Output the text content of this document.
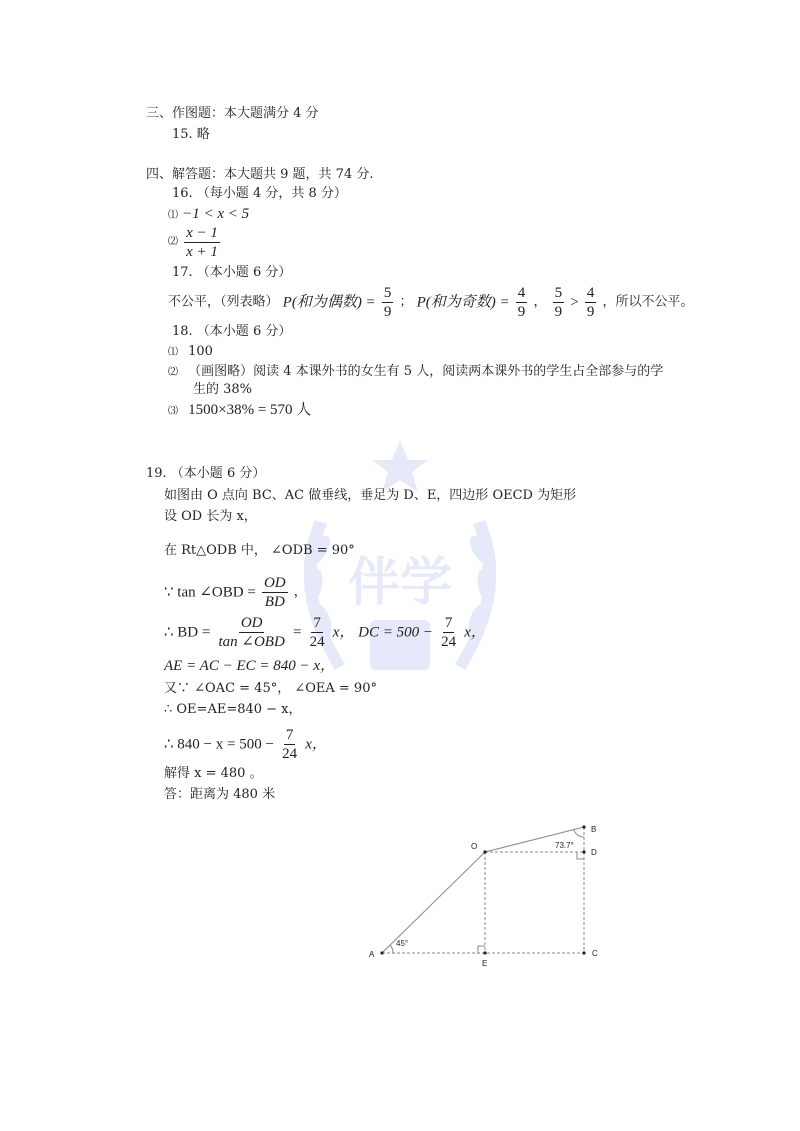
伴学
三、作图题：本大题满分 4 分
15. 略
四、解答题：本大题共 9 题，共 74 分.
16. （每小题 4 分，共 8 分）
⑴ −1 < x < 5
⑵ $\frac{x - 1}{x + 1}$
17. （本小题 6 分）
不公平，（列表略） P(和为偶数) = $\frac{5}{9}$ ； P(和为奇数) = $\frac{4}{9}$ ， $\frac{5}{9} > \frac{4}{9}$ ，所以不公平。
18. （本小题 6 分）
⑴ 100
⑵ （画图略）阅读 4 本课外书的女生有 5 人，阅读两本课外书的学生占全部参与的学
生的 38%
⑶ 1500×38% = 570 人
19. （本小题 6 分）
如图由 O 点向 BC、AC 做垂线，垂足为 D、E，四边形 OECD 为矩形
设 OD 长为 x，
在 Rt△ODB 中， ∠ODB = 90°
∵ tan ∠OBD = $\frac{OD}{BD}$ ，
∴ BD = $\frac{OD}{\text{tan ∠OBD}} = \frac{7}{24}$ x， DC = $500 - \frac{7}{24}$ x，
AE = AC − EC = 840 − x，
又∵ ∠OAC = 45°， ∠OEA = 90°
∴ OE=AE=840 − x，
∴ $840 - x = 500 - \frac{7}{24}$ x，
解得 x = 480 。
答：距离为 480 米
A
B
C
D
E
O
45°
73.7°
